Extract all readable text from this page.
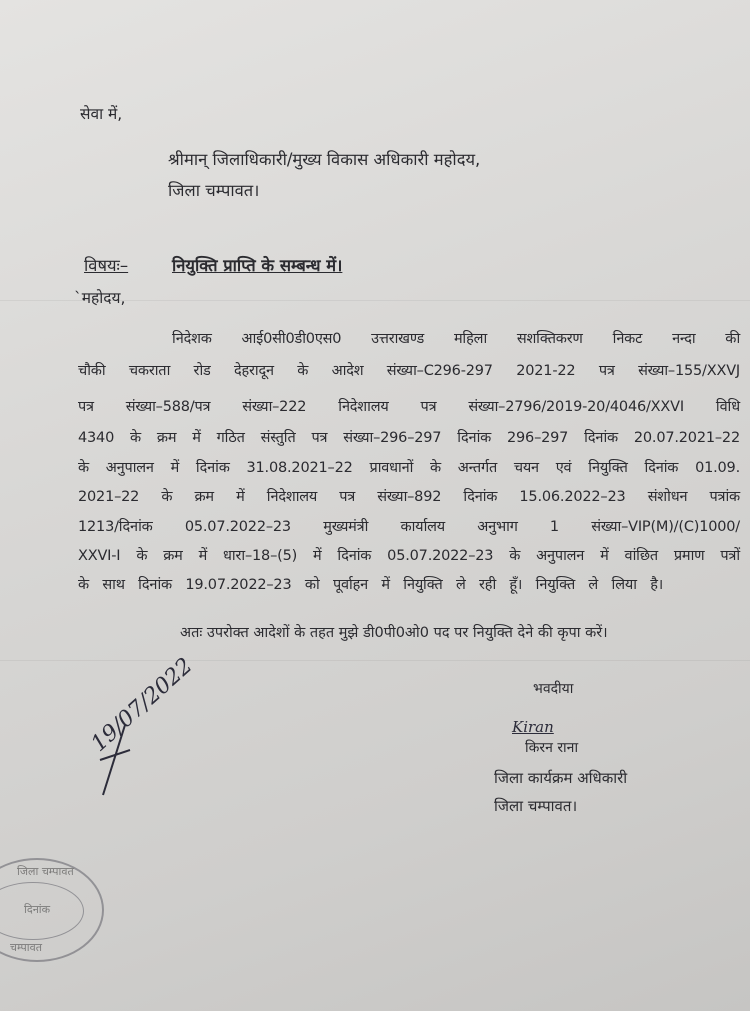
सेवा में,
श्रीमान् जिलाधिकारी/मुख्य विकास अधिकारी महोदय,
जिला चम्पावत।
विषयः–	नियुक्ति प्राप्ति के सम्बन्ध में।
`महोदय,
निदेशक आई0सी0डी0एस0 उत्तराखण्ड महिला सशक्तिकरण निकट नन्दा की
चौकी चकराता रोड देहरादून के आदेश संख्या–C296-297 2021-22 पत्र संख्या–155/XXVJ
पत्र संख्या–588/पत्र संख्या–222 निदेशालय पत्र संख्या–2796/2019-20/4046/XXVI विधि
4340 के क्रम में गठित संस्तुति पत्र संख्या–296–297 दिनांक 296–297 दिनांक 20.07.2021–22
के अनुपालन में दिनांक 31.08.2021–22 प्रावधानों के अन्तर्गत चयन एवं नियुक्ति दिनांक 01.09.
2021–22 के क्रम में निदेशालय पत्र संख्या–892 दिनांक 15.06.2022–23 संशोधन पत्रांक
1213/दिनांक 05.07.2022–23 मुख्यमंत्री कार्यालय अनुभाग 1 संख्या–VIP(M)/(C)1000/
XXVI-I के क्रम में धारा–18–(5) में दिनांक 05.07.2022–23 के अनुपालन में वांछित प्रमाण पत्रों
के साथ दिनांक 19.07.2022–23 को पूर्वाहन में नियुक्ति ले रही हूँ। नियुक्ति ले लिया है।
अतः उपरोक्त आदेशों के तहत मुझे डी0पी0ओ0 पद पर नियुक्ति देने की कृपा करें।
भवदीया
Kiran
किरन राना
जिला कार्यक्रम अधिकारी
जिला चम्पावत।
19/07/2022
जिला चम्पावत
दिनांक
चम्पावत
